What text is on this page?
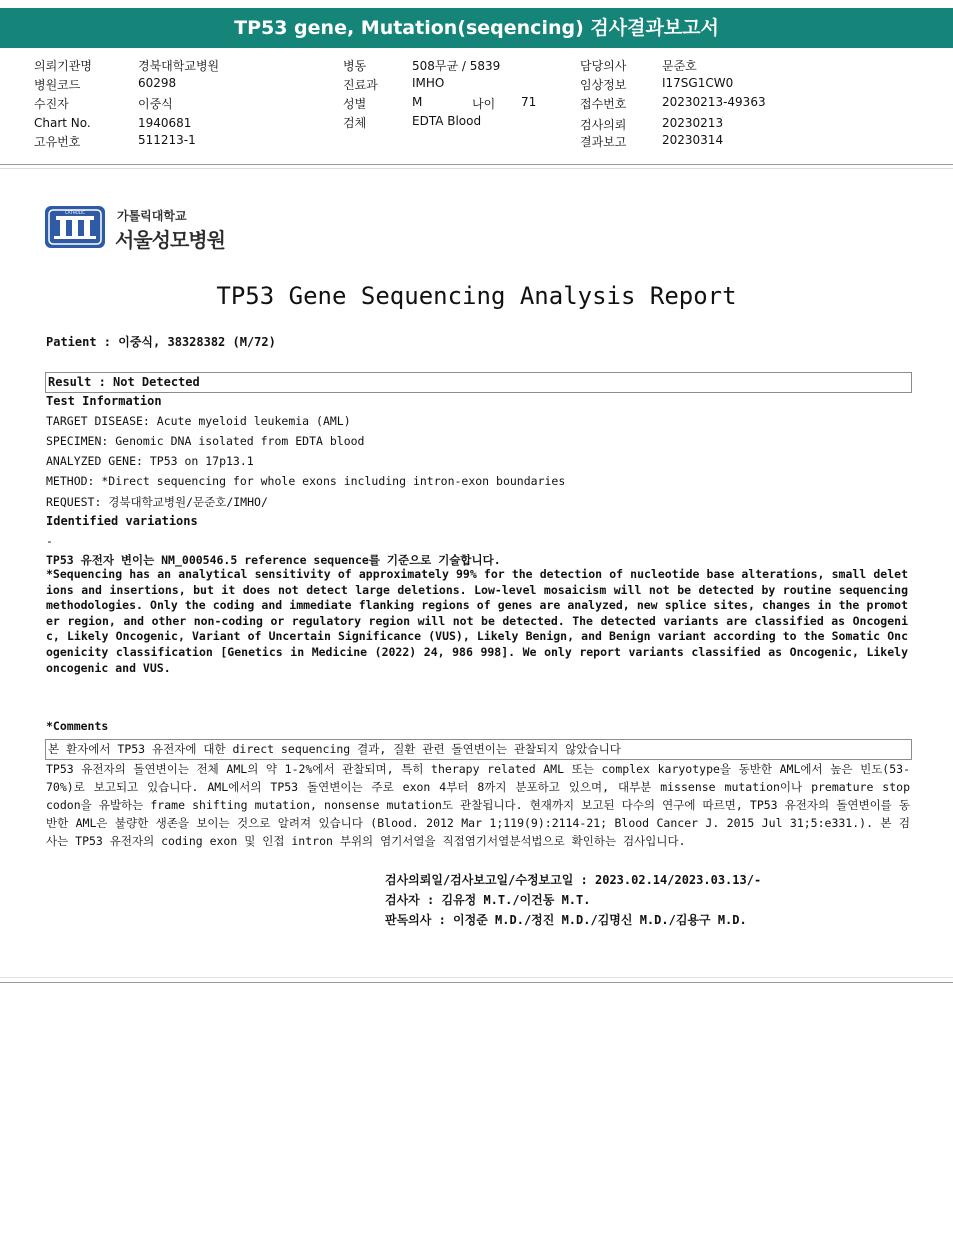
TP53 gene, Mutation(seqencing) 검사결과보고서
의뢰기관명	경북대학교병원
병원코드	60298
수진자	이중식
Chart No.	1940681
고유번호	511213-1
병동	508무균 / 5839
진료과	IMHO
성별	M	나이 71
검체	EDTA Blood
담당의사	문준호
임상정보	I17SG1CW0
접수번호	20230213-49363
검사의뢰	20230213
결과보고	20230314
CATHOLIC	가톨릭대학교
서울성모병원
TP53 Gene Sequencing Analysis Report
Patient : 이중식, 38328382 (M/72)
Result : Not Detected
Test Information
TARGET DISEASE: Acute myeloid leukemia (AML)
SPECIMEN: Genomic DNA isolated from EDTA blood
ANALYZED GENE: TP53 on 17p13.1
METHOD: *Direct sequencing for whole exons including intron-exon boundaries
REQUEST: 경북대학교병원/문준호/IMHO/
Identified variations
-
TP53 유전자 변이는 NM_000546.5 reference sequence를 기준으로 기술합니다.
*Sequencing has an analytical sensitivity of approximately 99% for the detection of nucleotide base alterations, small deletions and insertions, but it does not detect large deletions. Low-level mosaicism will not be detected by routine sequencing methodologies. Only the coding and immediate flanking regions of genes are analyzed, new splice sites, changes in the promoter region, and other non-coding or regulatory region will not be detected. The detected variants are classified as Oncogenic, Likely Oncogenic, Variant of Uncertain Significance (VUS), Likely Benign, and Benign variant according to the Somatic Oncogenicity classification [Genetics in Medicine (2022) 24, 986 998]. We only report variants classified as Oncogenic, Likely oncogenic and VUS.
*Comments
본 환자에서 TP53 유전자에 대한 direct sequencing 결과, 질환 관련 돌연변이는 관찰되지 않았습니다
TP53 유전자의 돌연변이는 전체 AML의 약 1-2%에서 관찰되며, 특히 therapy related AML 또는 complex karyotype을 동반한 AML에서 높은 빈도(53-70%)로 보고되고 있습니다. AML에서의 TP53 돌연변이는 주로 exon 4부터 8까지 분포하고 있으며, 대부분 missense mutation이나 premature stop codon을 유발하는 frame shifting mutation, nonsense mutation도 관찰됩니다. 현재까지 보고된 다수의 연구에 따르면, TP53 유전자의 돌연변이를 동반한 AML은 불량한 생존을 보이는 것으로 알려져 있습니다 (Blood. 2012 Mar 1;119(9):2114-21; Blood Cancer J. 2015 Jul 31;5:e331.). 본 검사는 TP53 유전자의 coding exon 및 인접 intron 부위의 염기서열을 직접염기서열분석법으로 확인하는 검사입니다.
검사의뢰일/검사보고일/수정보고일 : 2023.02.14/2023.03.13/-
검사자 : 김유정 M.T./이건동 M.T.
판독의사 : 이정준 M.D./정진 M.D./김명신 M.D./김용구 M.D.
